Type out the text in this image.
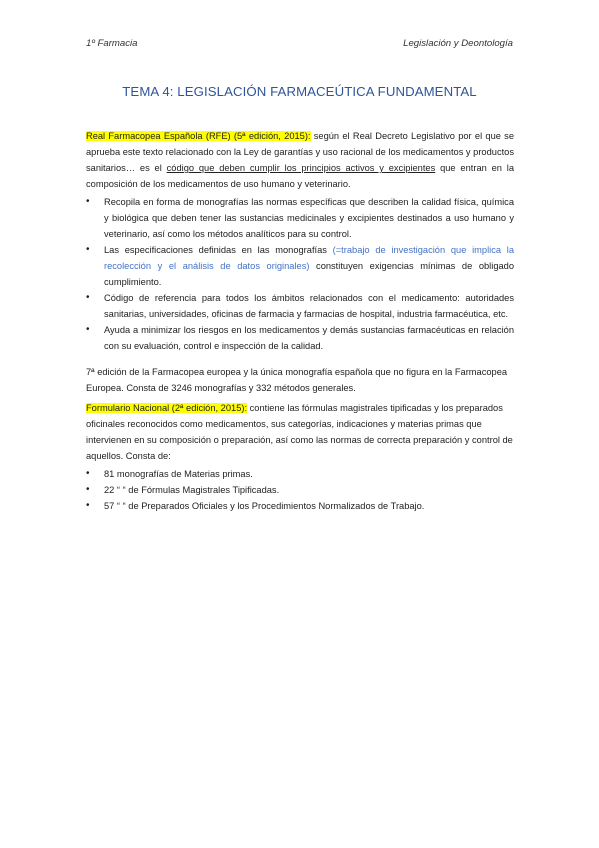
1º Farmacia	Legislación y Deontología
TEMA 4: LEGISLACIÓN FARMACEÚTICA FUNDAMENTAL
Real Farmacopea Española (RFE) (5ª edición, 2015): según el Real Decreto Legislativo por el que se aprueba este texto relacionado con la Ley de garantías y uso racional de los medicamentos y productos sanitarios… es el código que deben cumplir los principios activos y excipientes que entran en la composición de los medicamentos de uso humano y veterinario.

• Recopila en forma de monografías las normas específicas que describen la calidad física, química y biológica que deben tener las sustancias medicinales y excipientes destinados a uso humano y veterinario, así como los métodos analíticos para su control.

• Las especificaciones definidas en las monografías (=trabajo de investigación que implica la recolección y el análisis de datos originales) constituyen exigencias mínimas de obligado cumplimiento.

• Código de referencia para todos los ámbitos relacionados con el medicamento: autoridades sanitarias, universidades, oficinas de farmacia y farmacias de hospital, industria farmacéutica, etc.

• Ayuda a minimizar los riesgos en los medicamentos y demás sustancias farmacéuticas en relación con su evaluación, control e inspección de la calidad.

7ª edición de la Farmacopea europea y la única monografía española que no figura en la Farmacopea Europea. Consta de 3246 monografías y 332 métodos generales.
Formulario Nacional (2ª edición, 2015): contiene las fórmulas magistrales tipificadas y los preparados oficinales reconocidos como medicamentos, sus categorías, indicaciones y materias primas que intervienen en su composición o preparación, así como las normas de correcta preparación y control de aquellos. Consta de:

• 81 monografías de Materias primas.

• 22 “ “ de Fórmulas Magistrales Tipificadas.

• 57 “ “ de Preparados Oficiales y los Procedimientos Normalizados de Trabajo.
